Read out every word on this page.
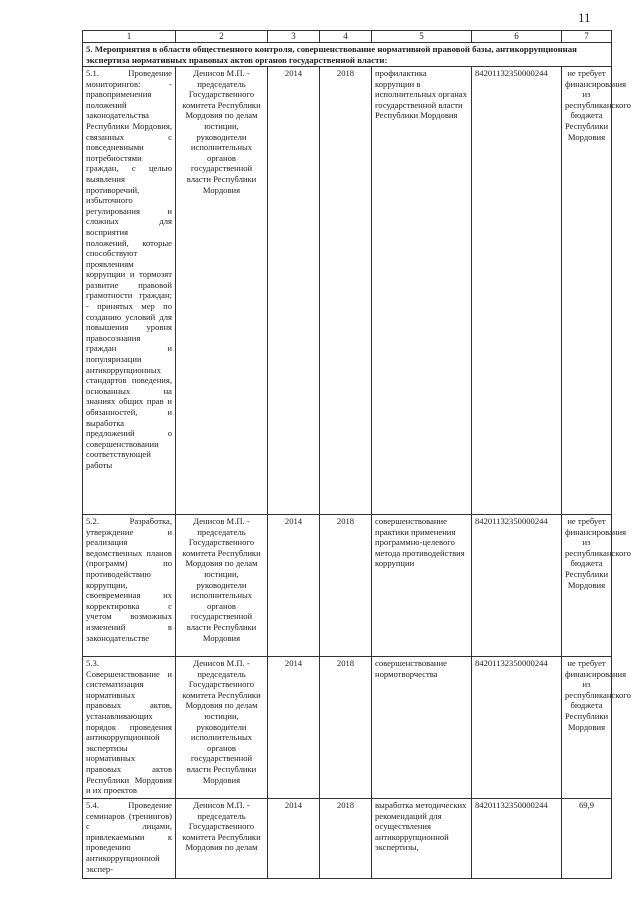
11
1	2	3	4	5	6	7
5. Мероприятия в области общественного контроля, совершенствование нормативной правовой базы, антикоррупционная экспертиза нормативных правовых актов органов государственной власти:						
5.1. Проведение мониторингов: - правоприменения положений законодательства Республики Мордовия, связанных с повседневными потребностями граждан, с целью выявления противоречий, избыточного регулирования и сложных для восприятия положений, которые способствуют проявлениям коррупции и тормозят развитие правовой грамотности граждан; - принятых мер по созданию условий для повышения уровня правосознания граждан и популяризации антикоррупционных стандартов поведения, основанных на знаниях общих прав и обязанностей, и выработка предложений о совершенствовании соответствующей работы	Денисов М.П. - председатель Государственного комитета Республики Мордовия по делам юстиции, руководители исполнительных органов государственной власти Республики Мордовия	2014	2018	профилактика коррупции в исполнительных органах государственной власти Республики Мордовия	84201132350000244	не требует финансирования из республиканского бюджета Республики Мордовия
5.2. Разработка, утверждение и реализация ведомственных планов (программ) по противодействию коррупции, своевременная их корректировка с учетом возможных изменений в законодательстве	Денисов М.П. - председатель Государственного комитета Республики Мордовия по делам юстиции, руководители исполнительных органов государственной власти Республики Мордовия	2014	2018	совершенствование практики применения программно-целевого метода противодействия коррупции	84201132350000244	не требует финансирования из республиканского бюджета Республики Мордовия
5.3. Совершенствование и систематизация нормативных правовых актов, устанавливающих порядок проведения антикоррупционной экспертизы нормативных правовых актов Республики Мордовия и их проектов	Денисов М.П. - председатель Государственного комитета Республики Мордовия по делам юстиции, руководители исполнительных органов государственной власти Республики Мордовия	2014	2018	совершенствование нормотворчества	84201132350000244	не требует финансирования из республиканского бюджета Республики Мордовия
5.4. Проведение семинаров (тренингов) с лицами, привлекаемыми к проведению антикоррупционной экспер-	Денисов М.П. - председатель Государственного комитета Республики Мордовия по делам	2014	2018	выработка методических рекомендаций для осуществления антикоррупционной экспертизы,	84201132350000244	69,9
